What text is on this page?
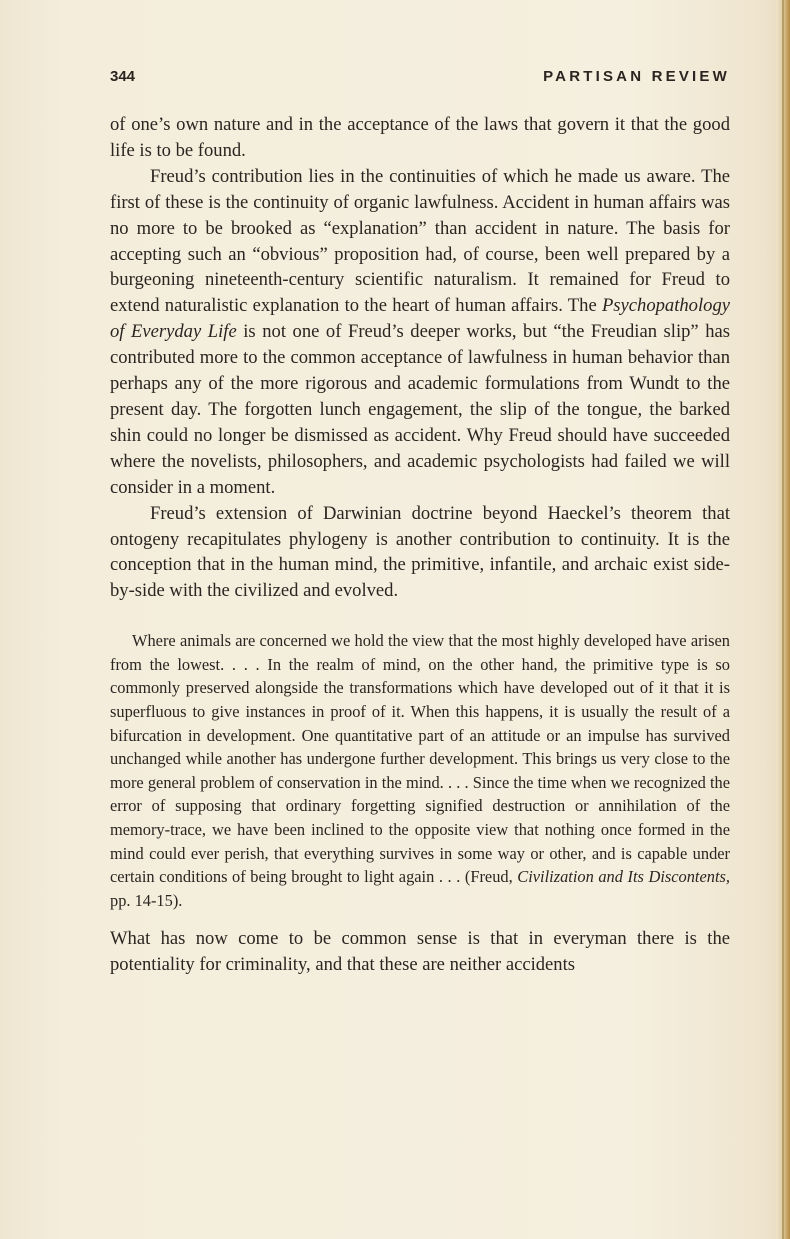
344	PARTISAN REVIEW

of one’s own nature and in the acceptance of the laws that govern it that the good life is to be found.

Freud’s contribution lies in the continuities of which he made us aware. The first of these is the continuity of organic lawfulness. Accident in human affairs was no more to be brooked as “explanation” than accident in nature. The basis for accepting such an “obvious” proposition had, of course, been well prepared by a burgeoning nineteenth-century scientific naturalism. It remained for Freud to extend naturalistic explanation to the heart of human affairs. The Psychopathology of Everyday Life is not one of Freud’s deeper works, but “the Freudian slip” has contributed more to the common acceptance of lawfulness in human behavior than perhaps any of the more rigorous and academic formulations from Wundt to the present day. The forgotten lunch engagement, the slip of the tongue, the barked shin could no longer be dismissed as accident. Why Freud should have succeeded where the novelists, philosophers, and academic psychologists had failed we will consider in a moment.

Freud’s extension of Darwinian doctrine beyond Haeckel’s theorem that ontogeny recapitulates phylogeny is another contribution to continuity. It is the conception that in the human mind, the primitive, infantile, and archaic exist side-by-side with the civilized and evolved.

Where animals are concerned we hold the view that the most highly developed have arisen from the lowest. . . . In the realm of mind, on the other hand, the primitive type is so commonly preserved alongside the transformations which have developed out of it that it is superfluous to give instances in proof of it. When this happens, it is usually the result of a bifurcation in development. One quantitative part of an attitude or an impulse has survived unchanged while another has undergone further development. This brings us very close to the more general problem of conservation in the mind. . . . Since the time when we recognized the error of supposing that ordinary forgetting signified destruction or annihilation of the memory-trace, we have been inclined to the opposite view that nothing once formed in the mind could ever perish, that everything survives in some way or other, and is capable under certain conditions of being brought to light again . . . (Freud, Civilization and Its Discontents, pp. 14-15).

What has now come to be common sense is that in everyman there is the potentiality for criminality, and that these are neither accidents
